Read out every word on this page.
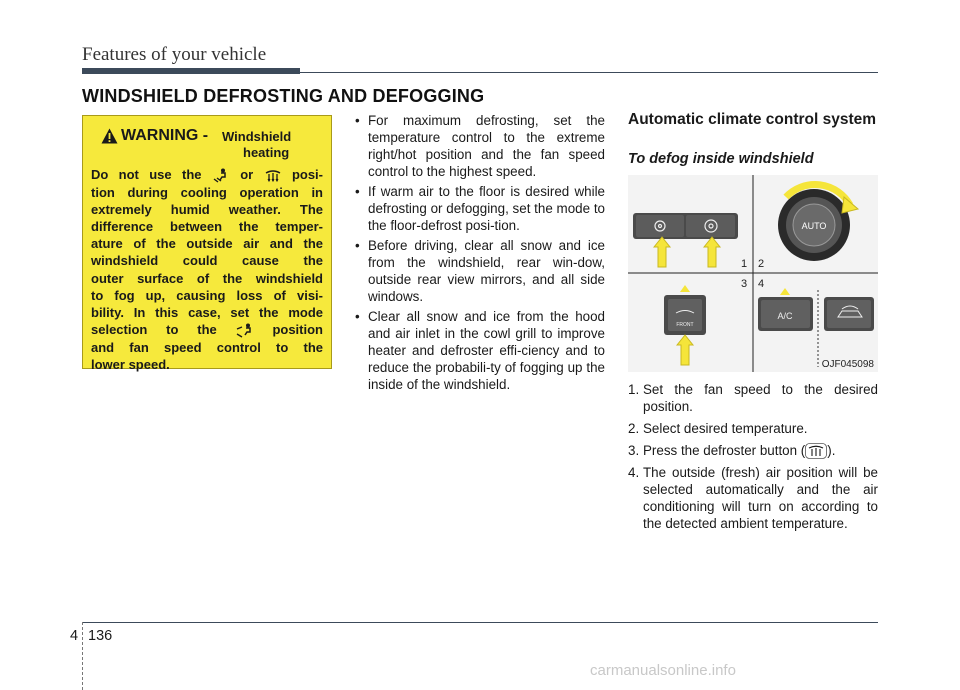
Features of your vehicle
WINDSHIELD DEFROSTING AND DEFOGGING
WARNING - Windshield
heating
Do not use the	or	posi-
tion during cooling operation in
extremely humid weather. The
difference between the temper-
ature of the outside air and the
windshield could cause the
outer surface of the windshield
to fog up, causing loss of visi-
bility. In this case, set the mode
selection to the	position
and fan speed control to the
lower speed.
• For maximum defrosting, set the temperature control to the extreme right/hot position and the fan speed control to the highest speed.
• If warm air to the floor is desired while defrosting or defogging, set the mode to the floor-defrost posi-tion.
• Before driving, clear all snow and ice from the windshield, rear win-dow, outside rear view mirrors, and all side windows.
• Clear all snow and ice from the hood and air inlet in the cowl grill to improve heater and defroster effi-ciency and to reduce the probabili-ty of fogging up the inside of the windshield.
Automatic climate control system
To defog inside windshield
1
AUTO
2
3
FRONT
4
A/C
OJF045098
1. Set the fan speed to the desired position.
2. Select desired temperature.
3. Press the defroster button ( ).
4. The outside (fresh) air position will be selected automatically and the air conditioning will turn on according to the detected ambient temperature.
4 136
carmanualsonline.info
